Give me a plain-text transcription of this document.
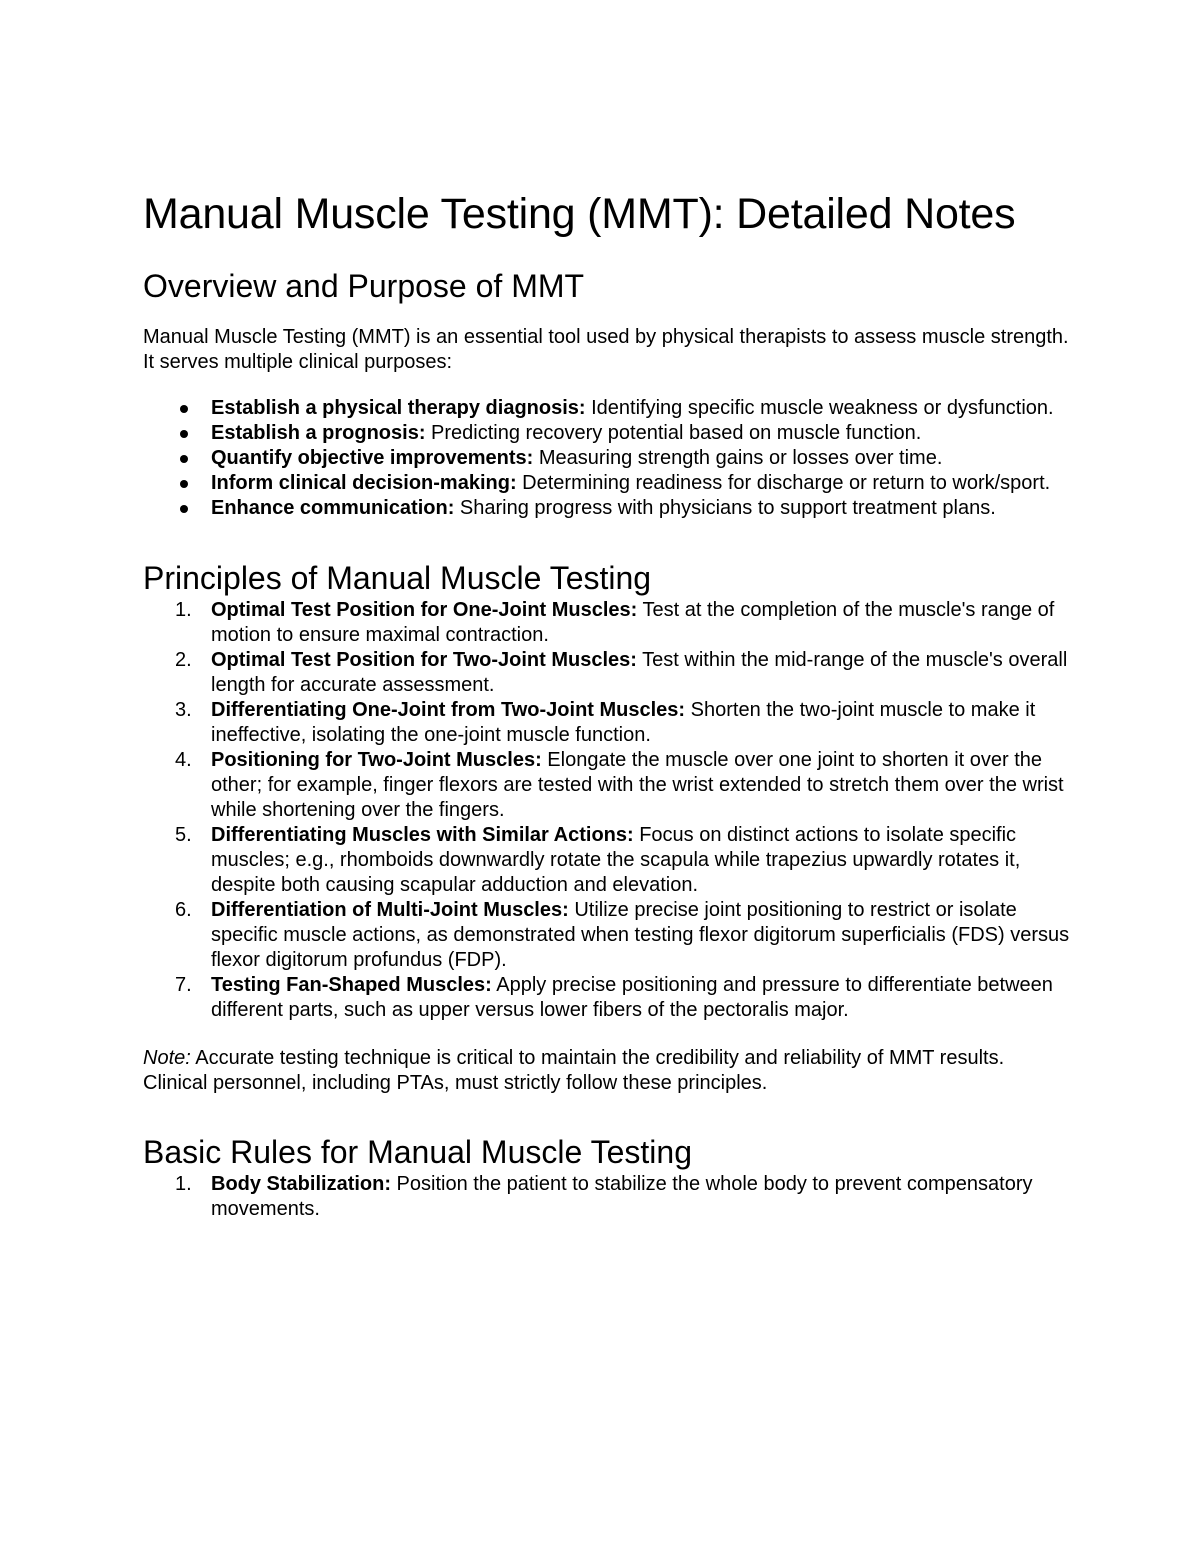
Manual Muscle Testing (MMT): Detailed Notes
Overview and Purpose of MMT

Manual Muscle Testing (MMT) is an essential tool used by physical therapists to assess muscle strength. It serves multiple clinical purposes:

Establish a physical therapy diagnosis: Identifying specific muscle weakness or dysfunction.
Establish a prognosis: Predicting recovery potential based on muscle function.
Quantify objective improvements: Measuring strength gains or losses over time.
Inform clinical decision-making: Determining readiness for discharge or return to work/sport.
Enhance communication: Sharing progress with physicians to support treatment plans.
Principles of Manual Muscle Testing
1. Optimal Test Position for One-Joint Muscles: Test at the completion of the muscle's range of motion to ensure maximal contraction.
2. Optimal Test Position for Two-Joint Muscles: Test within the mid-range of the muscle's overall length for accurate assessment.
3. Differentiating One-Joint from Two-Joint Muscles: Shorten the two-joint muscle to make it ineffective, isolating the one-joint muscle function.
4. Positioning for Two-Joint Muscles: Elongate the muscle over one joint to shorten it over the other; for example, finger flexors are tested with the wrist extended to stretch them over the wrist while shortening over the fingers.
5. Differentiating Muscles with Similar Actions: Focus on distinct actions to isolate specific muscles; e.g., rhomboids downwardly rotate the scapula while trapezius upwardly rotates it, despite both causing scapular adduction and elevation.
6. Differentiation of Multi-Joint Muscles: Utilize precise joint positioning to restrict or isolate specific muscle actions, as demonstrated when testing flexor digitorum superficialis (FDS) versus flexor digitorum profundus (FDP).
7. Testing Fan-Shaped Muscles: Apply precise positioning and pressure to differentiate between different parts, such as upper versus lower fibers of the pectoralis major.

Note: Accurate testing technique is critical to maintain the credibility and reliability of MMT results. Clinical personnel, including PTAs, must strictly follow these principles.

Basic Rules for Manual Muscle Testing
1. Body Stabilization: Position the patient to stabilize the whole body to prevent compensatory movements.
